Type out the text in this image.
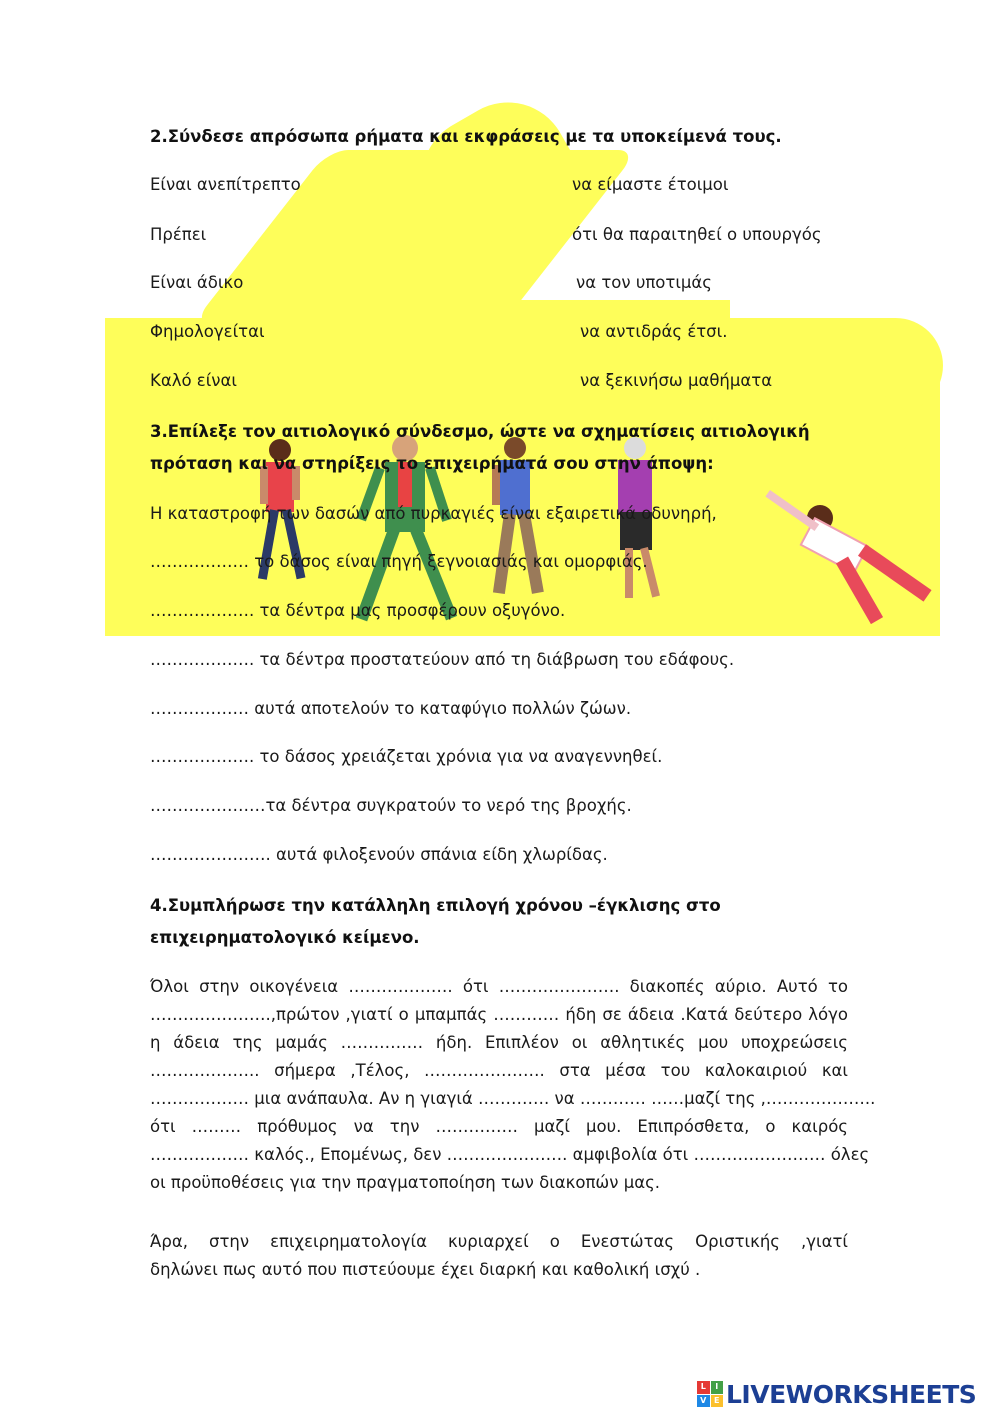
2.Σύνδεσε απρόσωπα ρήματα και εκφράσεις με τα υποκείμενά τους.
Είναι ανεπίτρεπτο	να είμαστε έτοιμοι
Πρέπει	ότι θα παραιτηθεί ο υπουργός
Είναι άδικο	να τον υποτιμάς
Φημολογείται	να αντιδράς έτσι.
Καλό είναι	να ξεκινήσω μαθήματα
3.Επίλεξε τον αιτιολογικό σύνδεσμο, ώστε να σχηματίσεις αιτιολογική
πρόταση και να στηρίξεις το επιχειρήματά σου στην άποψη:
Η καταστροφή των δασών από πυρκαγιές είναι εξαιρετικά οδυνηρή,
……………… το δάσος είναι πηγή ξεγνοιασιάς και ομορφιάς.
………………. τα δέντρα μας προσφέρουν οξυγόνο.
………………. τα δέντρα προστατεύουν από τη διάβρωση του εδάφους.
……………… αυτά αποτελούν το καταφύγιο πολλών ζώων.
………………. το δάσος χρειάζεται χρόνια για να αναγεννηθεί.
…………………τα δέντρα συγκρατούν το νερό της βροχής.
…………………. αυτά φιλοξενούν σπάνια είδη χλωρίδας.
4.Συμπλήρωσε την κατάλληλη επιλογή χρόνου –έγκλισης στο
επιχειρηματολογικό κείμενο.
Όλοι στην οικογένεια ………………. ότι …………………. διακοπές αύριο. Αυτό το
………………….,πρώτον ,γιατί ο μπαμπάς ………… ήδη σε άδεια .Κατά δεύτερο λόγο
η άδεια της μαμάς …………… ήδη. Επιπλέον οι αθλητικές μου υποχρεώσεις
……………….. σήμερα ,Τέλος, …………………. στα μέσα του καλοκαιριού και
……………… μια ανάπαυλα. Αν η γιαγιά …………. να ………… ……μαζί της ,………………..
ότι ……… πρόθυμος να την …………… μαζί μου. Επιπρόσθετα, ο καιρός
……………… καλός., Επομένως, δεν …………………. αμφιβολία ότι …………………… όλες
οι προϋποθέσεις για την πραγματοποίηση των διακοπών μας.
Άρα, στην επιχειρηματολογία κυριαρχεί ο Ενεστώτας Οριστικής ,γιατί
δηλώνει πως αυτό που πιστεύουμε έχει διαρκή και καθολική ισχύ .
L	I
V E LIVEWORKSHEETS
